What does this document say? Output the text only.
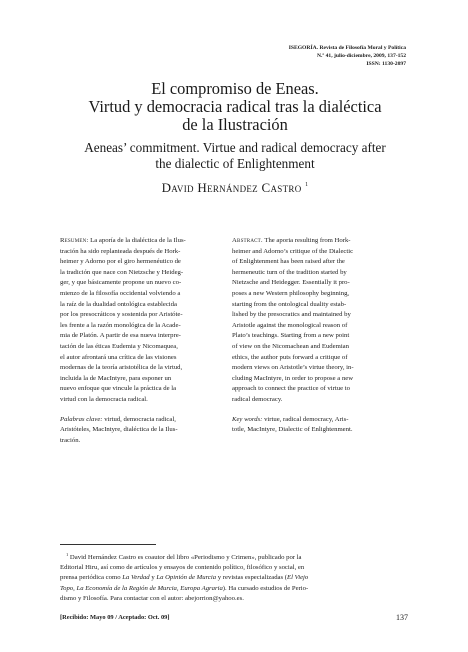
ISEGORÍA. Revista de Filosofía Moral y Política
N.º 41, julio-diciembre, 2009, 137-152
ISSN: 1130-2097
El compromiso de Eneas.
Virtud y democracia radical tras la dialéctica
de la Ilustración
Aeneas’ commitment. Virtue and radical democracy after
the dialectic of Enlightenment
David Hernández Castro $^1$
Resumen: La aporía de la dialéctica de la Ilus-
tración ha sido replanteada después de Hork-
heimer y Adorno por el giro hermenéutico de
la tradición que nace con Nietzsche y Heideg-
ger, y que básicamente propone un nuevo co-
mienzo de la filosofía occidental volviendo a
la raíz de la dualidad ontológica establecida
por los presocráticos y sostenida por Aristóte-
les frente a la razón monológica de la Acade-
mia de Platón. A partir de esa nueva interpre-
tación de las éticas Eudemia y Nicomaquea,
el autor afrontará una crítica de las visiones
modernas de la teoría aristotélica de la virtud,
incluida la de MacIntyre, para esponer un
nuevo enfoque que vincule la práctica de la
virtud con la democracia radical.
Palabras clave: virtud, democracia radical,
Aristóteles, MacIntyre, dialéctica de la Ilus-
tración.
Abstract. The aporia resulting from Hork-
heimer and Adorno’s critique of the Dialectic
of Enlightenment has been raised after the
hermeneutic turn of the tradition started by
Nietzsche and Heidegger. Essentially it pro-
poses a new Western philosophy beginning,
starting from the ontological duality estab-
lished by the presocratics and maintained by
Aristotle against the monological reason of
Plato’s teachings. Starting from a new point
of view on the Nicomachean and Eudemian
ethics, the author puts forward a critique of
modern views on Aristotle’s virtue theory, in-
cluding MacIntyre, in order to propose a new
approach to connect the practice of virtue to
radical democracy.
Key words: virtue, radical democracy, Aris-
totle, MacIntyre, Dialectic of Enlightenment.
$^1$ David Hernández Castro es coautor del libro «Periodismo y Crimen», publicado por la
Editorial Hiru, así como de artículos y ensayos de contenido político, filosófico y social, en
prensa periódica como La Verdad y La Opinión de Murcia y revistas especializadas (El Viejo
Topo, La Economía de la Región de Murcia, Europa Agraria). Ha cursado estudios de Perio-
dismo y Filosofía. Para contactar con el autor: abejorrion@yahoo.es.
[Recibido: Mayo 09 / Aceptado: Oct. 09]	137
